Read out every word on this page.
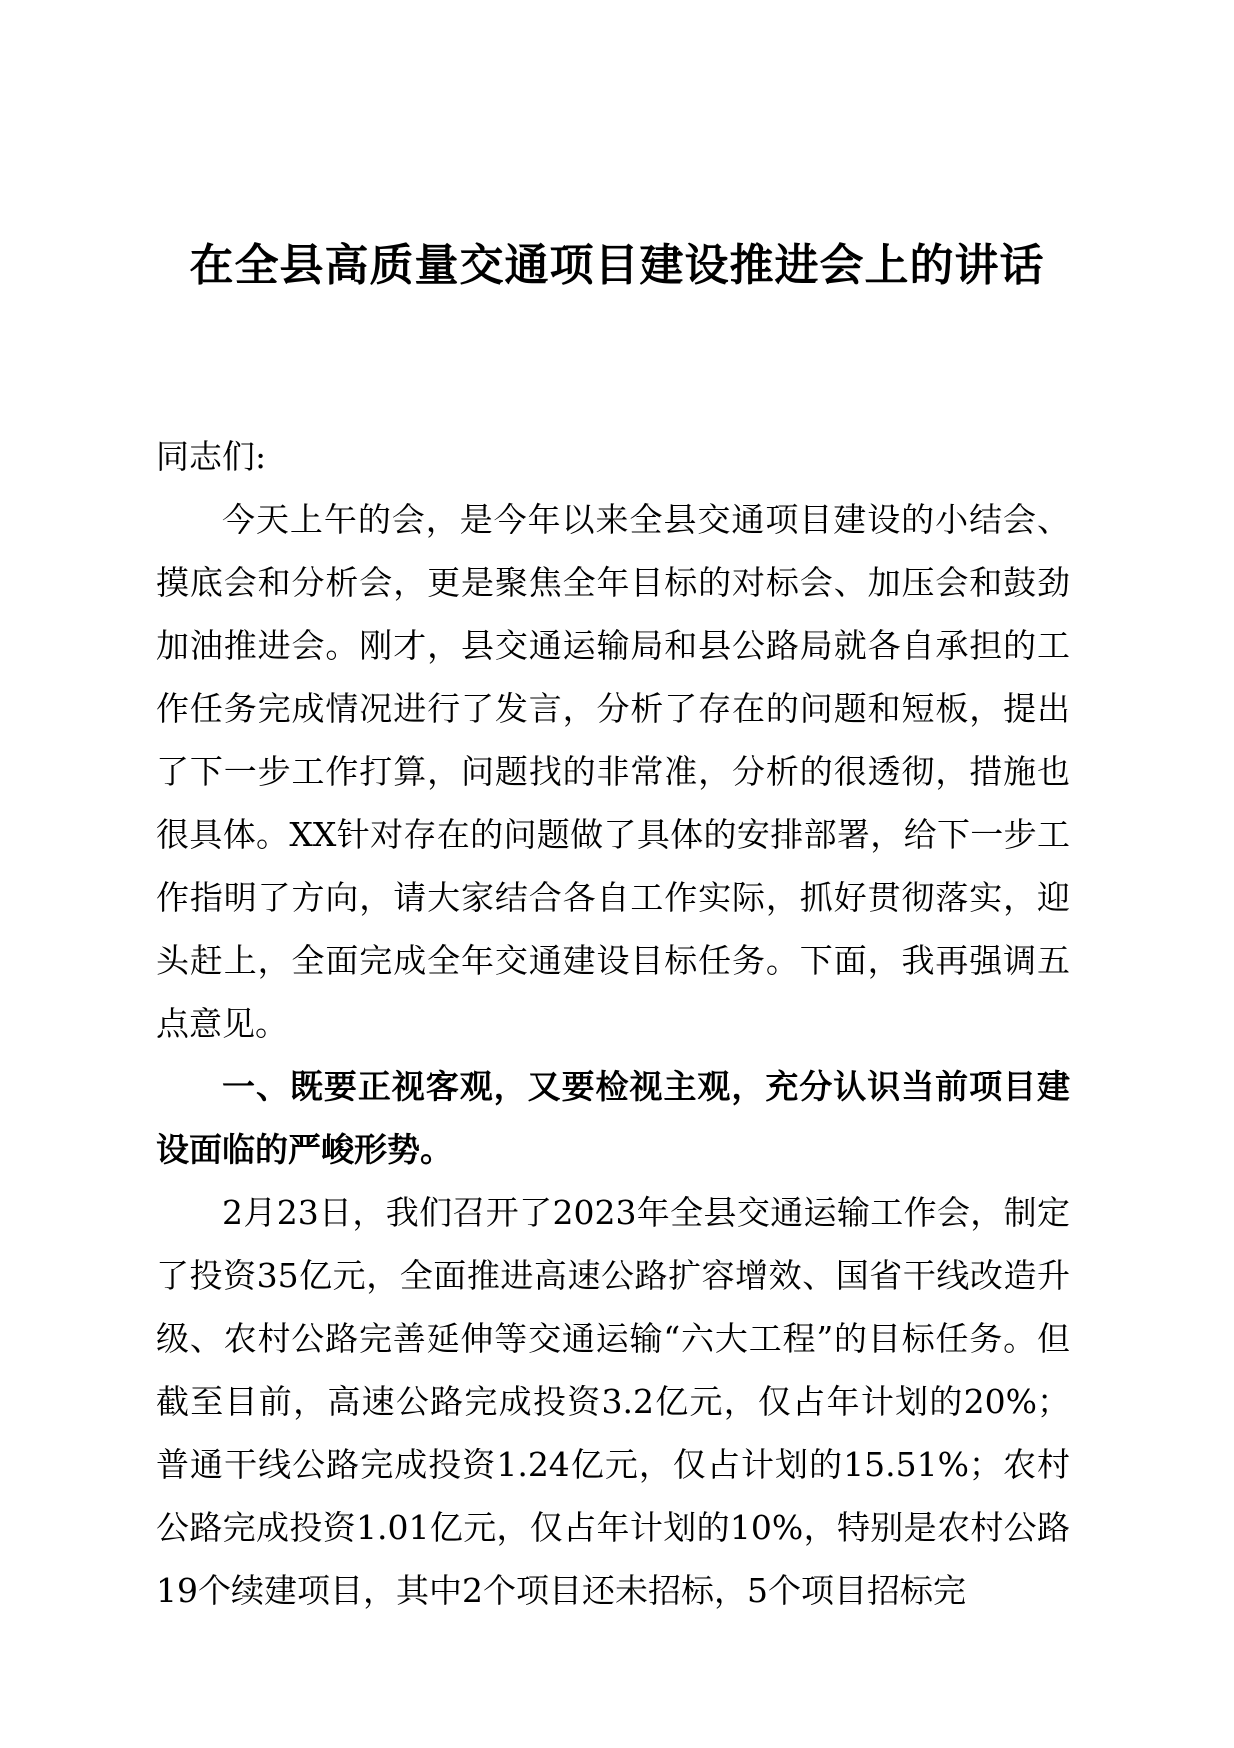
在全县高质量交通项目建设推进会上的讲话

同志们:

今天上午的会，是今年以来全县交通项目建设的小结会、摸底会和分析会，更是聚焦全年目标的对标会、加压会和鼓劲加油推进会。刚才，县交通运输局和县公路局就各自承担的工作任务完成情况进行了发言，分析了存在的问题和短板，提出了下一步工作打算，问题找的非常准，分析的很透彻，措施也很具体。XX针对存在的问题做了具体的安排部署，给下一步工作指明了方向，请大家结合各自工作实际，抓好贯彻落实，迎头赶上，全面完成全年交通建设目标任务。下面，我再强调五点意见。

一、既要正视客观，又要检视主观，充分认识当前项目建设面临的严峻形势。

2月23日，我们召开了2023年全县交通运输工作会，制定了投资35亿元，全面推进高速公路扩容增效、国省干线改造升级、农村公路完善延伸等交通运输“六大工程”的目标任务。但截至目前，高速公路完成投资3.2亿元，仅占年计划的20%；普通干线公路完成投资1.24亿元，仅占计划的15.51%；农村公路完成投资1.01亿元，仅占年计划的10%，特别是农村公路19个续建项目，其中2个项目还未招标，5个项目招标完
